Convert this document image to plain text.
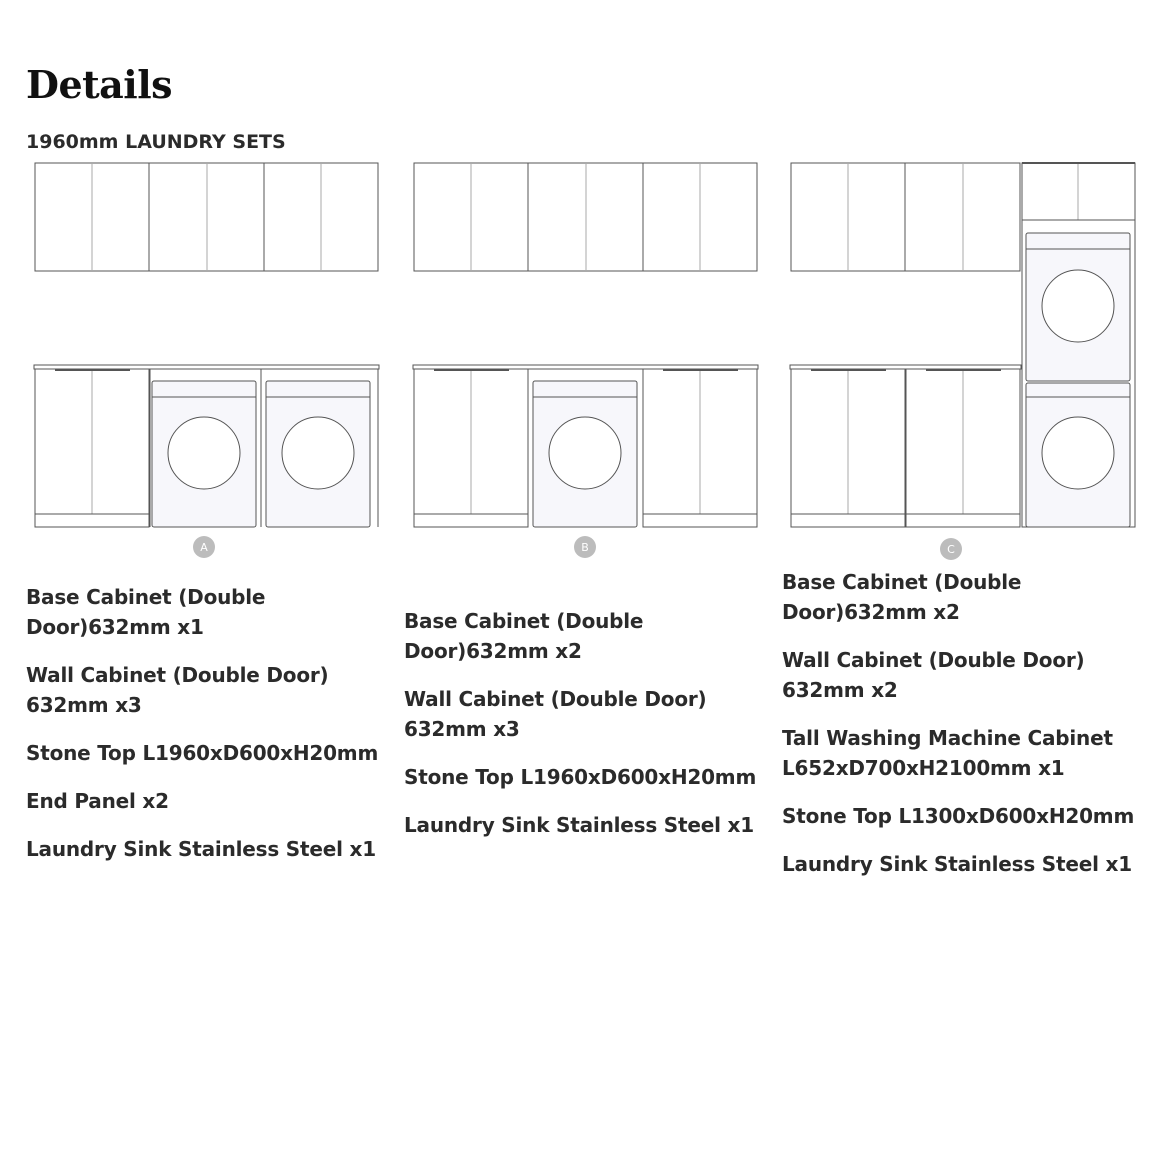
Details
1960mm LAUNDRY SETS
A	B	C
Base Cabinet (Double Door)632mm x1
Wall Cabinet (Double Door) 632mm x3
Stone Top L1960xD600xH20mm
End Panel x2
Laundry Sink Stainless Steel x1
Base Cabinet (Double Door)632mm x2
Wall Cabinet (Double Door) 632mm x3
Stone Top L1960xD600xH20mm
Laundry Sink Stainless Steel x1
Base Cabinet (Double Door)632mm x2
Wall Cabinet (Double Door) 632mm x2
Tall Washing Machine Cabinet L652xD700xH2100mm x1
Stone Top L1300xD600xH20mm
Laundry Sink Stainless Steel x1
